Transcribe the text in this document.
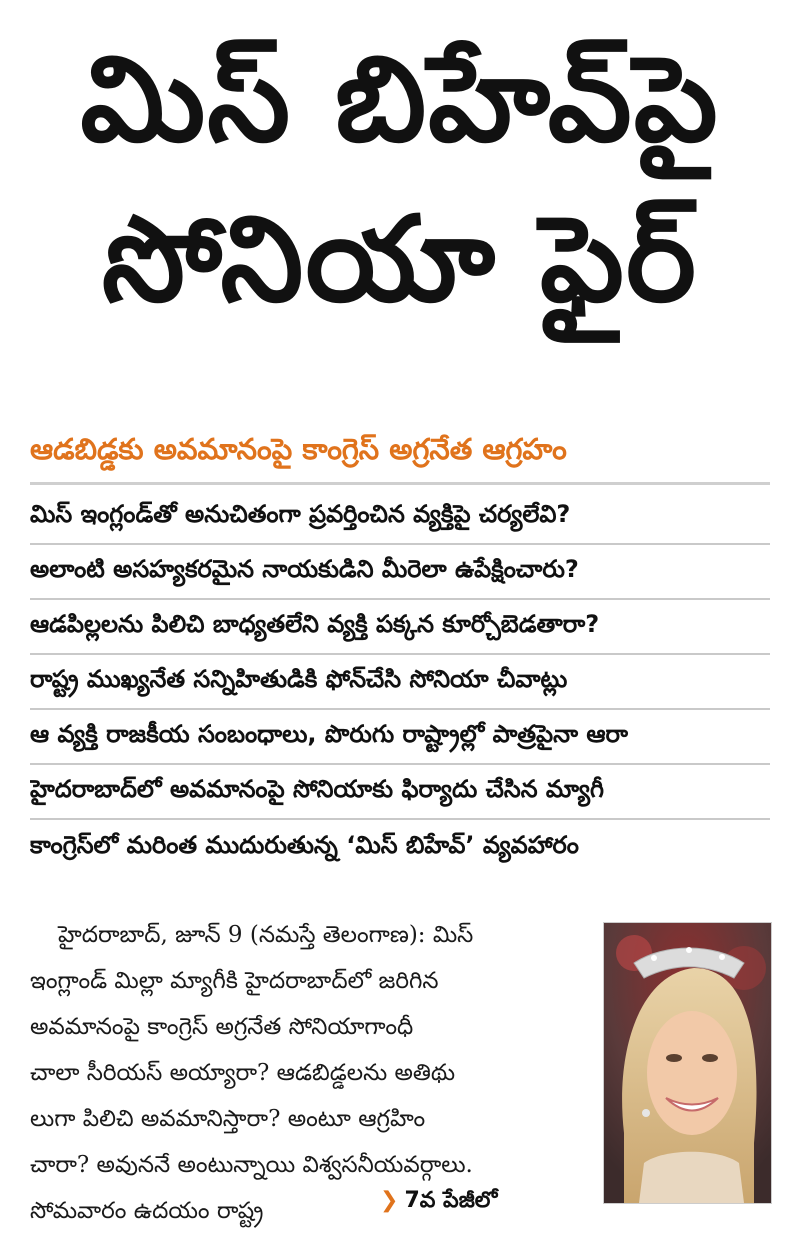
మిస్ బిహేవ్‌పై
సోనియా ఫైర్
ఆడబిడ్డకు అవమానంపై కాంగ్రెస్ అగ్రనేత ఆగ్రహం
మిస్ ఇంగ్లండ్‌తో అనుచితంగా ప్రవర్తించిన వ్యక్తిపై చర్యలేవి?
అలాంటి అసహ్యకరమైన నాయకుడిని మీరెలా ఉపేక్షించారు?
ఆడపిల్లలను పిలిచి బాధ్యతలేని వ్యక్తి పక్కన కూర్చోబెడతారా?
రాష్ట్ర ముఖ్యనేత సన్నిహితుడికి ఫోన్‌చేసి సోనియా చీవాట్లు
ఆ వ్యక్తి రాజకీయ సంబంధాలు, పొరుగు రాష్ట్రాల్లో పాత్రపైనా ఆరా
హైదరాబాద్‌లో అవమానంపై సోనియాకు ఫిర్యాదు చేసిన మ్యాగీ
కాంగ్రెస్‌లో మరింత ముదురుతున్న ‘మిస్ బిహేవ్’ వ్యవహారం
హైదరాబాద్, జూన్ 9 (నమస్తే తెలంగాణ): మిస్
ఇంగ్లాండ్ మిల్లా మ్యాగీకి హైదరాబాద్‌లో జరిగిన
అవమానంపై కాంగ్రెస్ అగ్రనేత సోనియాగాంధీ
చాలా సీరియస్ అయ్యారా? ఆడబిడ్డలను అతిథు
లుగా పిలిచి అవమానిస్తారా? అంటూ ఆగ్రహిం
చారా? అవుననే అంటున్నాయి విశ్వసనీయవర్గాలు.
సోమవారం ఉదయం రాష్ట్ర	❯ 7వ పేజీలో
